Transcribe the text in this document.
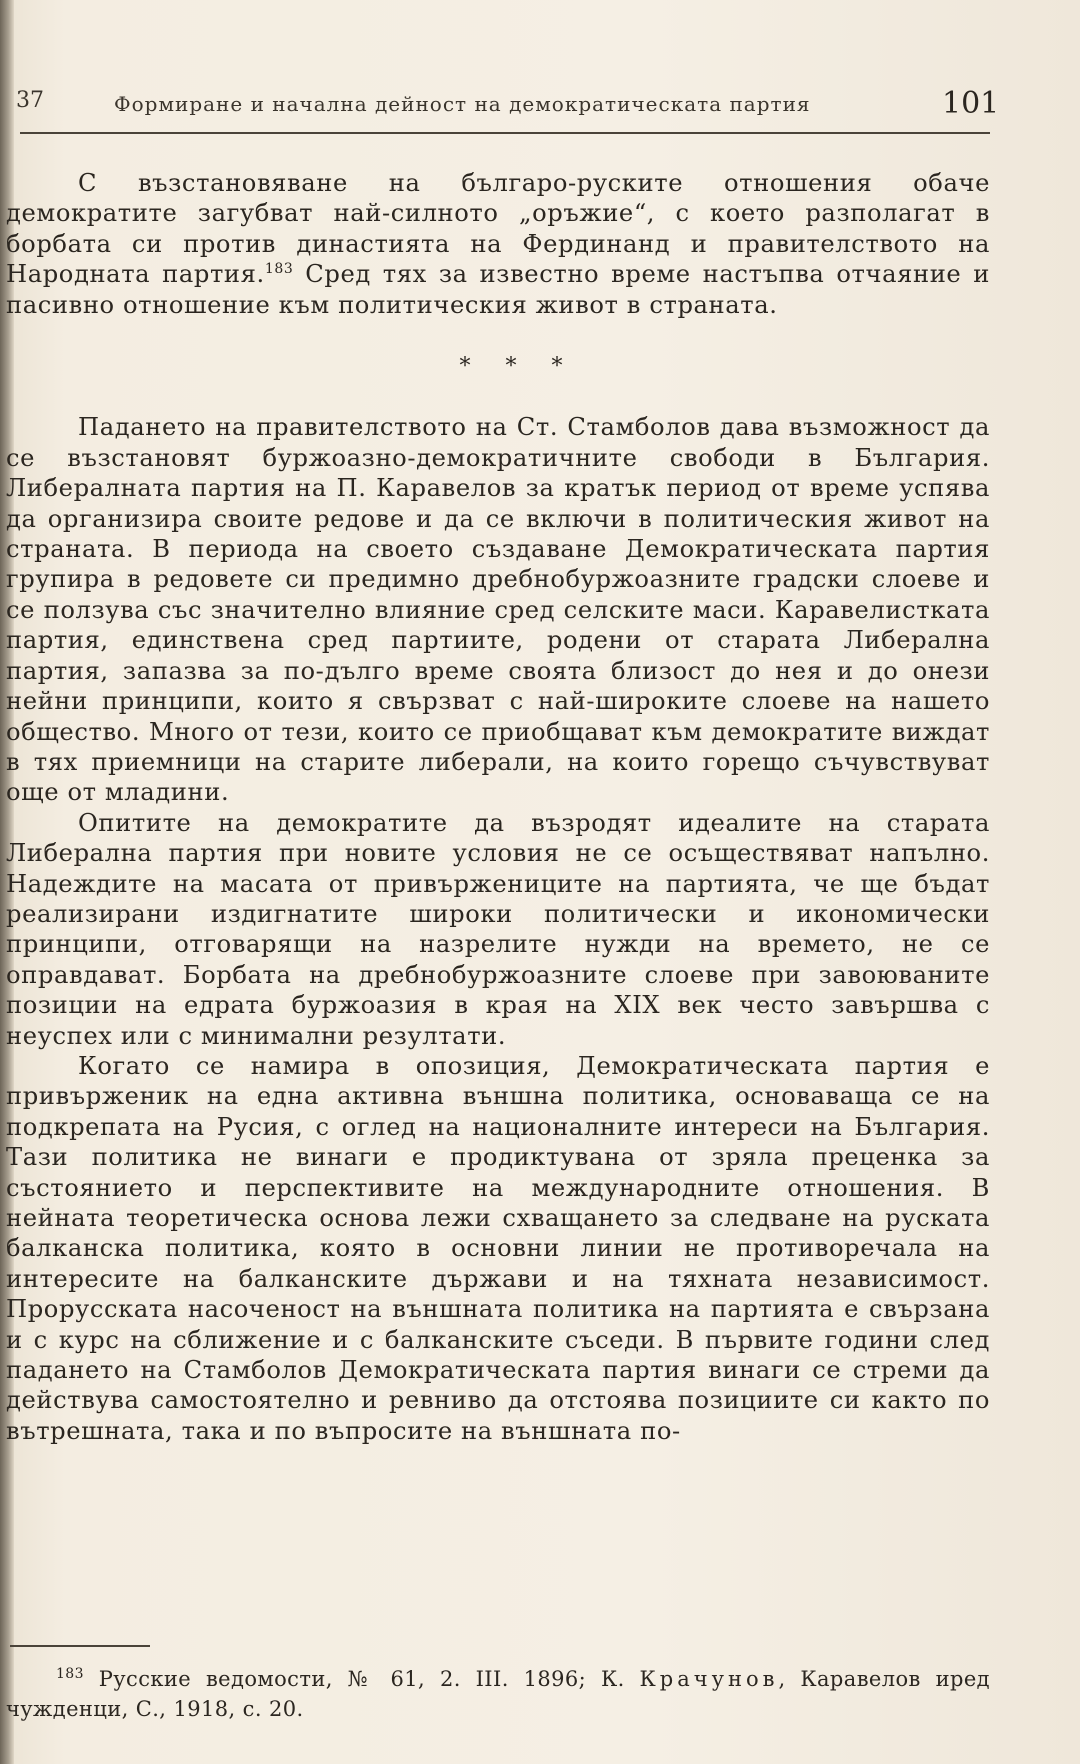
37	Формиране и начална дейност на демократическата партия	101

С възстановяване на българо-руските отношения обаче демократите загубват най-силното „оръжие“, с което разполагат в борбата си против династията на Фердинанд и правителството на Народната партия.$^{183}$ Сред тях за известно време настъпва отчаяние и пасивно отношение към политическия живот в страната.

* * *

Падането на правителството на Ст. Стамболов дава възможност да се възстановят буржоазно-демократичните свободи в България. Либералната партия на П. Каравелов за кратък период от време успява да организира своите редове и да се включи в политическия живот на страната. В периода на своето създаване Демократическата партия групира в редовете си предимно дребнобуржоазните градски слоеве и се ползува със значително влияние сред селските маси. Каравелистката партия, единствена сред партиите, родени от старата Либерална партия, запазва за по-дълго време своята близост до нея и до онези нейни принципи, които я свързват с най-широките слоеве на нашето общество. Много от тези, които се приобщават към демократите виждат в тях приемници на старите либерали, на които горещо съчувствуват още от младини.

Опитите на демократите да възродят идеалите на старата Либерална партия при новите условия не се осъществяват напълно. Надеждите на масата от привържениците на партията, че ще бъдат реализирани издигнатите широки политически и икономически принципи, отговарящи на назрелите нужди на времето, не се оправдават. Борбата на дребнобуржоазните слоеве при завоюваните позиции на едрата буржоазия в края на XIX век често завършва с неуспех или с минимални резултати.

Когато се намира в опозиция, Демократическата партия е привърженик на една активна външна политика, основаваща се на подкрепата на Русия, с оглед на националните интереси на България. Тази политика не винаги е продиктувана от зряла преценка за състоянието и перспективите на международните отношения. В нейната теоретическа основа лежи схващането за следване на руската балканска политика, която в основни линии не противоречала на интересите на балканските държави и на тяхната независимост. Прорусската насоченост на външната политика на партията е свързана и с курс на сближение и с балканските съседи. В първите години след падането на Стамболов Демократическата партия винаги се стреми да действува самостоятелно и ревниво да отстоява позициите си както по вътрешната, така и по въпросите на външната по-

$^{183}$ Русские ведомости, № 61, 2. III. 1896; К. Крачунов, Каравелов иред чужденци, С., 1918, с. 20.
